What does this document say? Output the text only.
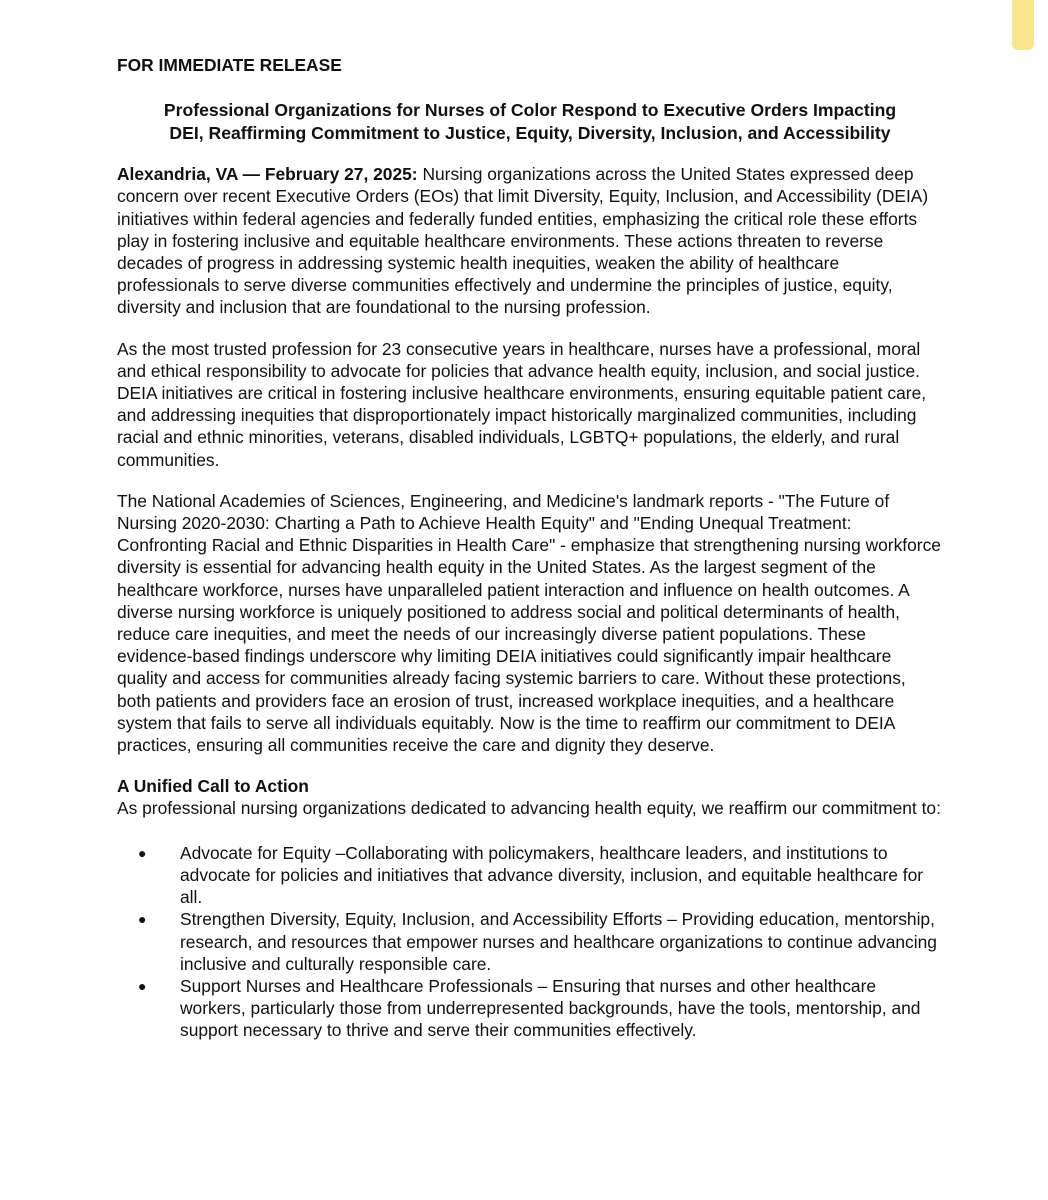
FOR IMMEDIATE RELEASE

Professional Organizations for Nurses of Color Respond to Executive Orders Impacting
DEI, Reaffirming Commitment to Justice, Equity, Diversity, Inclusion, and Accessibility

Alexandria, VA — February 27, 2025: Nursing organizations across the United States expressed deep concern over recent Executive Orders (EOs) that limit Diversity, Equity, Inclusion, and Accessibility (DEIA) initiatives within federal agencies and federally funded entities, emphasizing the critical role these efforts play in fostering inclusive and equitable healthcare environments. These actions threaten to reverse decades of progress in addressing systemic health inequities, weaken the ability of healthcare professionals to serve diverse communities effectively and undermine the principles of justice, equity, diversity and inclusion that are foundational to the nursing profession.

As the most trusted profession for 23 consecutive years in healthcare, nurses have a professional, moral and ethical responsibility to advocate for policies that advance health equity, inclusion, and social justice. DEIA initiatives are critical in fostering inclusive healthcare environments, ensuring equitable patient care, and addressing inequities that disproportionately impact historically marginalized communities, including racial and ethnic minorities, veterans, disabled individuals, LGBTQ+ populations, the elderly, and rural communities.

The National Academies of Sciences, Engineering, and Medicine's landmark reports - "The Future of Nursing 2020-2030: Charting a Path to Achieve Health Equity" and "Ending Unequal Treatment: Confronting Racial and Ethnic Disparities in Health Care" - emphasize that strengthening nursing workforce diversity is essential for advancing health equity in the United States. As the largest segment of the healthcare workforce, nurses have unparalleled patient interaction and influence on health outcomes. A diverse nursing workforce is uniquely positioned to address social and political determinants of health, reduce care inequities, and meet the needs of our increasingly diverse patient populations. These evidence-based findings underscore why limiting DEIA initiatives could significantly impair healthcare quality and access for communities already facing systemic barriers to care. Without these protections, both patients and providers face an erosion of trust, increased workplace inequities, and a healthcare system that fails to serve all individuals equitably. Now is the time to reaffirm our commitment to DEIA practices, ensuring all communities receive the care and dignity they deserve.

A Unified Call to Action

As professional nursing organizations dedicated to advancing health equity, we reaffirm our commitment to:

● Advocate for Equity –Collaborating with policymakers, healthcare leaders, and institutions to advocate for policies and initiatives that advance diversity, inclusion, and equitable healthcare for all.
● Strengthen Diversity, Equity, Inclusion, and Accessibility Efforts – Providing education, mentorship, research, and resources that empower nurses and healthcare organizations to continue advancing inclusive and culturally responsible care.
● Support Nurses and Healthcare Professionals – Ensuring that nurses and other healthcare workers, particularly those from underrepresented backgrounds, have the tools, mentorship, and support necessary to thrive and serve their communities effectively.
